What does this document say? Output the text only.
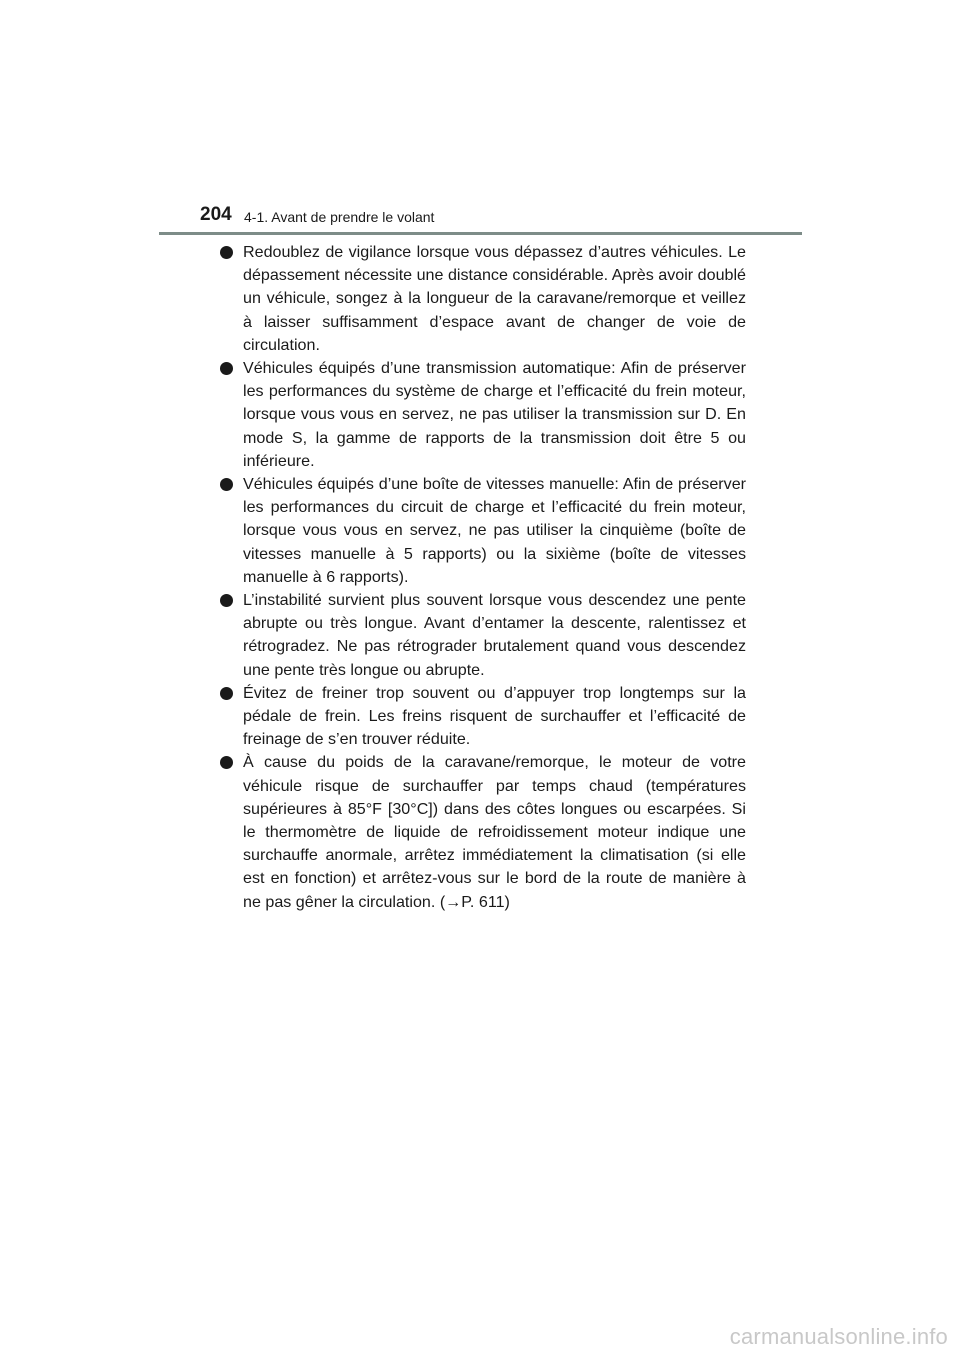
204 4-1. Avant de prendre le volant
Redoublez de vigilance lorsque vous dépassez d’autres véhicules. Le dépassement nécessite une distance considérable. Après avoir doublé un véhicule, songez à la longueur de la caravane/remorque et veillez à laisser suffisamment d’espace avant de changer de voie de circulation.
Véhicules équipés d’une transmission automatique: Afin de préserver les performances du système de charge et l’efficacité du frein moteur, lorsque vous vous en servez, ne pas utiliser la transmission sur D. En mode S, la gamme de rapports de la transmission doit être 5 ou inférieure.
Véhicules équipés d’une boîte de vitesses manuelle: Afin de préserver les performances du circuit de charge et l’efficacité du frein moteur, lorsque vous vous en servez, ne pas utiliser la cinquième (boîte de vitesses manuelle à 5 rapports) ou la sixième (boîte de vitesses manuelle à 6 rapports).
L’instabilité survient plus souvent lorsque vous descendez une pente abrupte ou très longue. Avant d’entamer la descente, ralentissez et rétrogradez. Ne pas rétrograder brutalement quand vous descendez une pente très longue ou abrupte.
Évitez de freiner trop souvent ou d’appuyer trop longtemps sur la pédale de frein. Les freins risquent de surchauffer et l’efficacité de freinage de s’en trouver réduite.
À cause du poids de la caravane/remorque, le moteur de votre véhicule risque de surchauffer par temps chaud (températures supérieures à 85°F [30°C]) dans des côtes longues ou escarpées. Si le thermomètre de liquide de refroidissement moteur indique une surchauffe anormale, arrêtez immédiatement la climatisation (si elle est en fonction) et arrêtez-vous sur le bord de la route de manière à ne pas gêner la circulation. (→P. 611)
carmanualsonline.info
